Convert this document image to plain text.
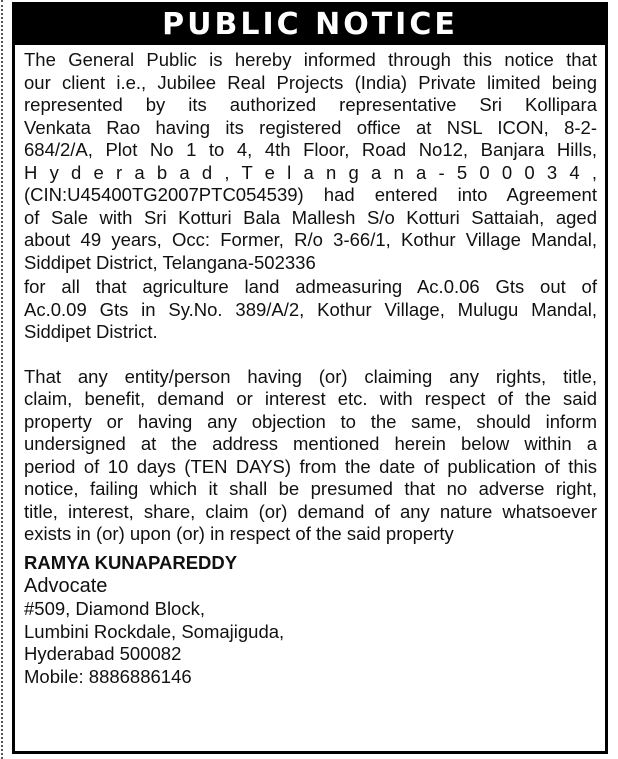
PUBLIC NOTICE
The General Public is hereby informed through this notice that
our client i.e., Jubilee Real Projects (India) Private limited being
represented by its authorized representative Sri Kollipara
Venkata Rao having its registered office at NSL ICON, 8-2-
684/2/A, Plot No 1 to 4, 4th Floor, Road No12, Banjara Hills,
H y d e r a b a d , T e l a n g a n a - 5 0 0 0 3 4 ,
(CIN:U45400TG2007PTC054539) had entered into Agreement
of Sale with Sri Kotturi Bala Mallesh S/o Kotturi Sattaiah, aged
about 49 years, Occ: Former, R/o 3-66/1, Kothur Village Mandal,
Siddipet District, Telangana-502336
for all that agriculture land admeasuring Ac.0.06 Gts out of
Ac.0.09 Gts in Sy.No. 389/A/2, Kothur Village, Mulugu Mandal,
Siddipet District.
That any entity/person having (or) claiming any rights, title,
claim, benefit, demand or interest etc. with respect of the said
property or having any objection to the same, should inform
undersigned at the address mentioned herein below within a
period of 10 days (TEN DAYS) from the date of publication of this
notice, failing which it shall be presumed that no adverse right,
title, interest, share, claim (or) demand of any nature whatsoever
exists in (or) upon (or) in respect of the said property
RAMYA KUNAPAREDDY
Advocate
#509, Diamond Block,
Lumbini Rockdale, Somajiguda,
Hyderabad 500082
Mobile: 8886886146
